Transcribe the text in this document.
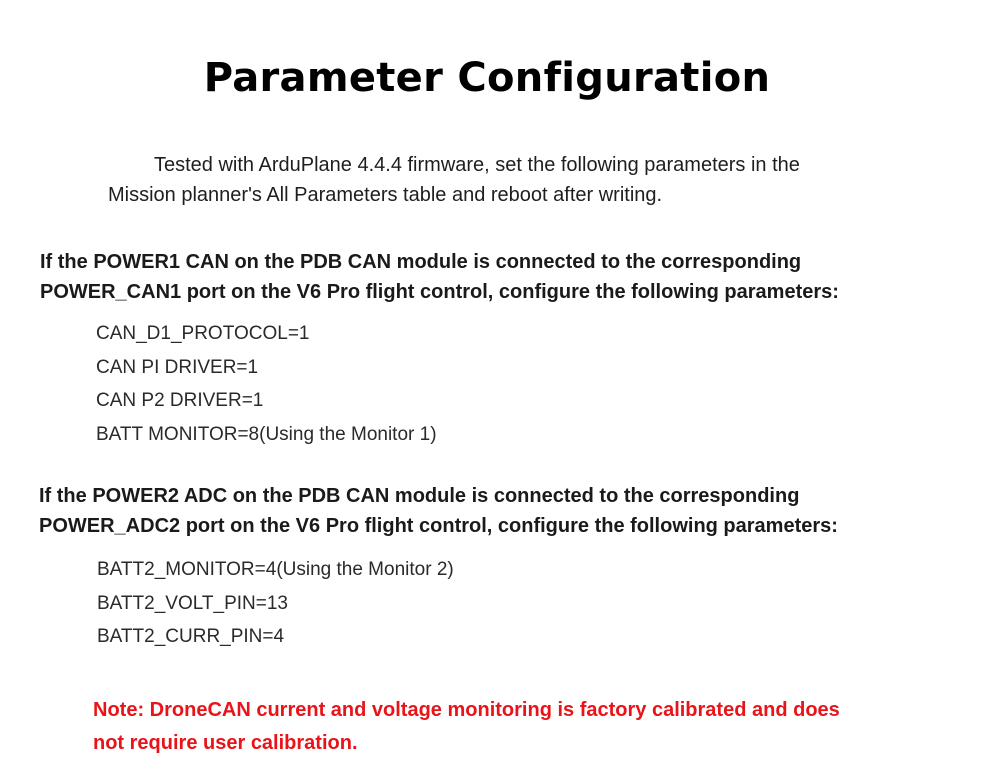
Parameter Configuration
Tested with ArduPlane 4.4.4 firmware, set the following parameters in the
Mission planner's All Parameters table and reboot after writing.
If the POWER1 CAN on the PDB CAN module is connected to the corresponding
POWER_CAN1 port on the V6 Pro flight control, configure the following parameters:
CAN_D1_PROTOCOL=1
CAN PI DRIVER=1
CAN P2 DRIVER=1
BATT MONITOR=8(Using the Monitor 1)
If the POWER2 ADC on the PDB CAN module is connected to the corresponding
POWER_ADC2 port on the V6 Pro flight control, configure the following parameters:
BATT2_MONITOR=4(Using the Monitor 2)
BATT2_VOLT_PIN=13
BATT2_CURR_PIN=4
Note: DroneCAN current and voltage monitoring is factory calibrated and does
not require user calibration.
